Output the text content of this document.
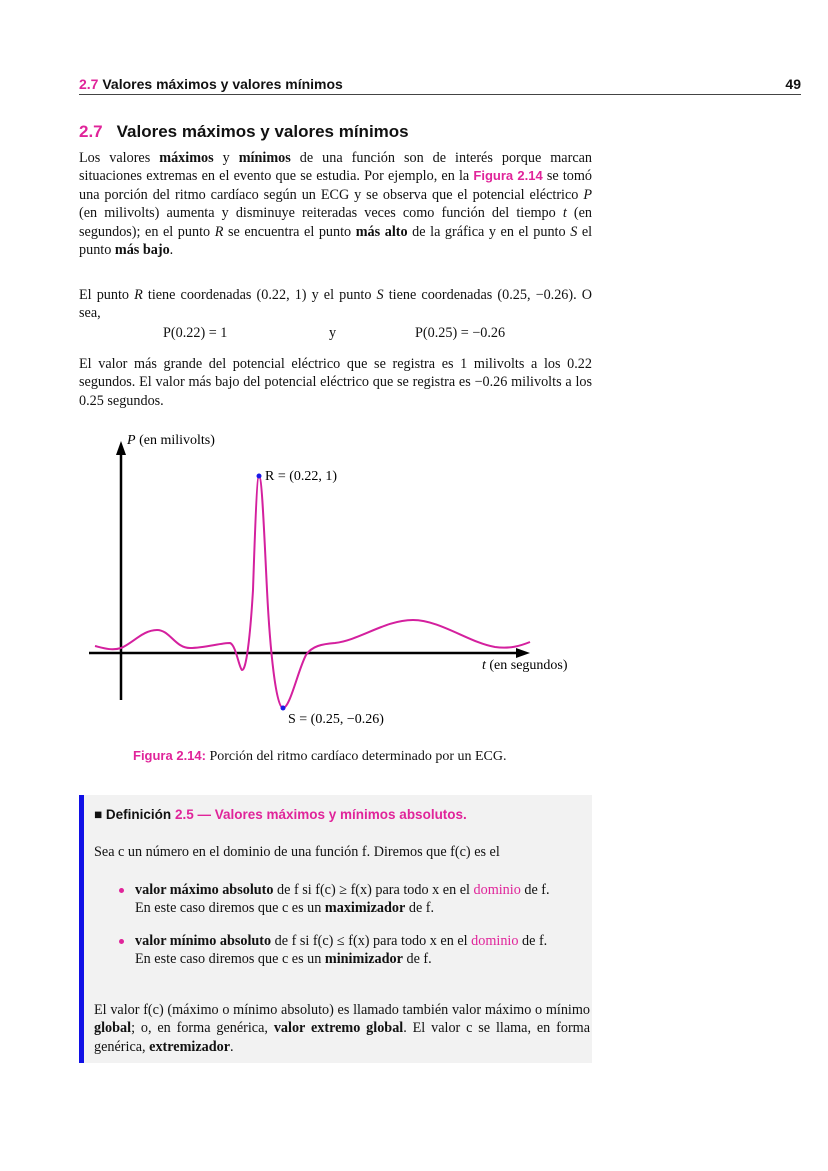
2.7 Valores máximos y valores mínimos	49
2.7 Valores máximos y valores mínimos
Los valores máximos y mínimos de una función son de interés porque marcan situaciones extremas en el evento que se estudia. Por ejemplo, en la Figura 2.14 se tomó una porción del ritmo cardíaco según un ECG y se observa que el potencial eléctrico P (en milivolts) aumenta y disminuye reiteradas veces como función del tiempo t (en segundos); en el punto R se encuentra el punto más alto de la gráfica y en el punto S el punto más bajo.
El punto R tiene coordenadas (0.22, 1) y el punto S tiene coordenadas (0.25, −0.26). O sea,
P(0.22) = 1	y	P(0.25) = −0.26
El valor más grande del potencial eléctrico que se registra es 1 milivolts a los 0.22 segundos. El valor más bajo del potencial eléctrico que se registra es −0.26 milivolts a los 0.25 segundos.
P (en milivolts)
R = (0.22, 1)
S = (0.25, −0.26)
t (en segundos)
Figura 2.14: Porción del ritmo cardíaco determinado por un ECG.
■ Definición 2.5 — Valores máximos y mínimos absolutos.
Sea c un número en el dominio de una función f. Diremos que f(c) es el
valor máximo absoluto de f si f(c) ≥ f(x) para todo x en el dominio de f.
En este caso diremos que c es un maximizador de f.
valor mínimo absoluto de f si f(c) ≤ f(x) para todo x en el dominio de f.
En este caso diremos que c es un minimizador de f.
El valor f(c) (máximo o mínimo absoluto) es llamado también valor máximo o mínimo global; o, en forma genérica, valor extremo global. El valor c se llama, en forma genérica, extremizador.
